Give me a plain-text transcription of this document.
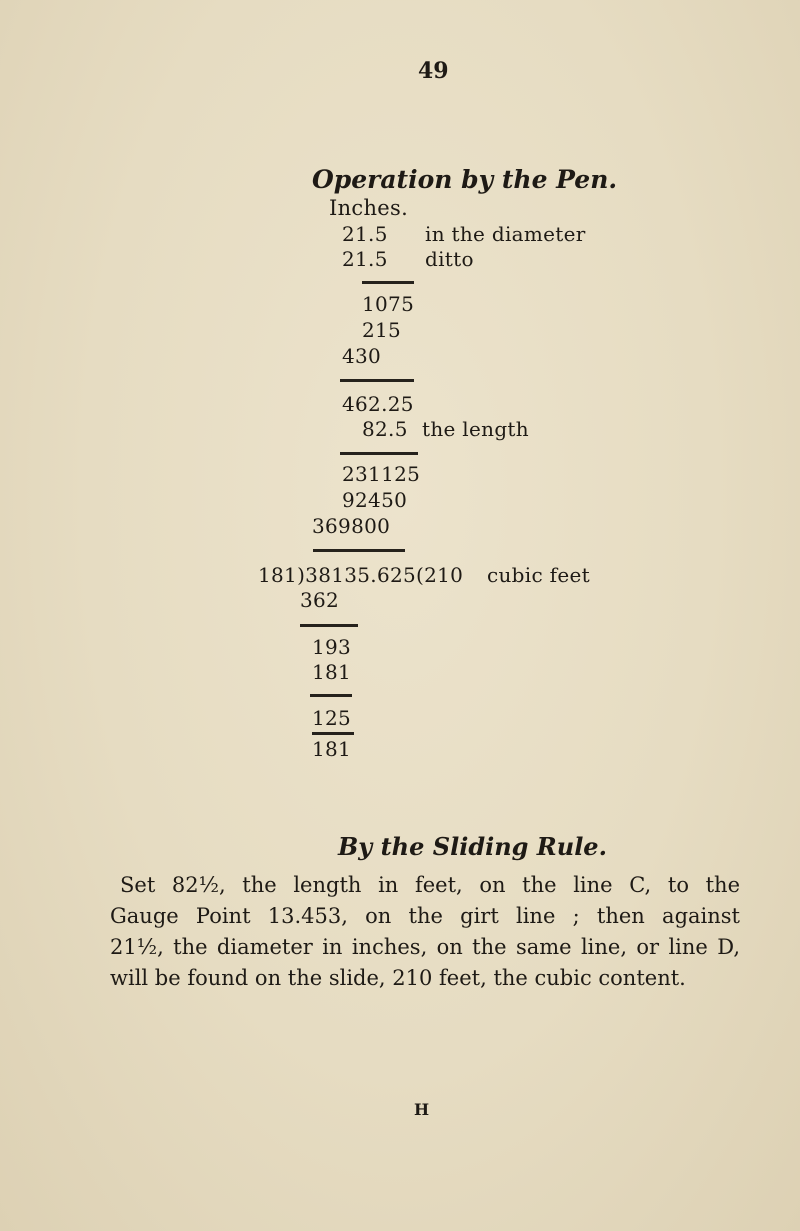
49
Operation by the Pen.
Inches.
21.5 in the diameter
21.5 ditto
1075
215
430
462.25
82.5 the length
231125
92450
369800
181)38135.625(210 cubic feet
362
193
181
125
181
By the Sliding Rule.
Set 82½, the length in feet, on the line C, to the
Gauge Point 13.453, on the girt line ; then against
21½, the diameter in inches, on the same line, or line D,
will be found on the slide, 210 feet, the cubic content.
H
